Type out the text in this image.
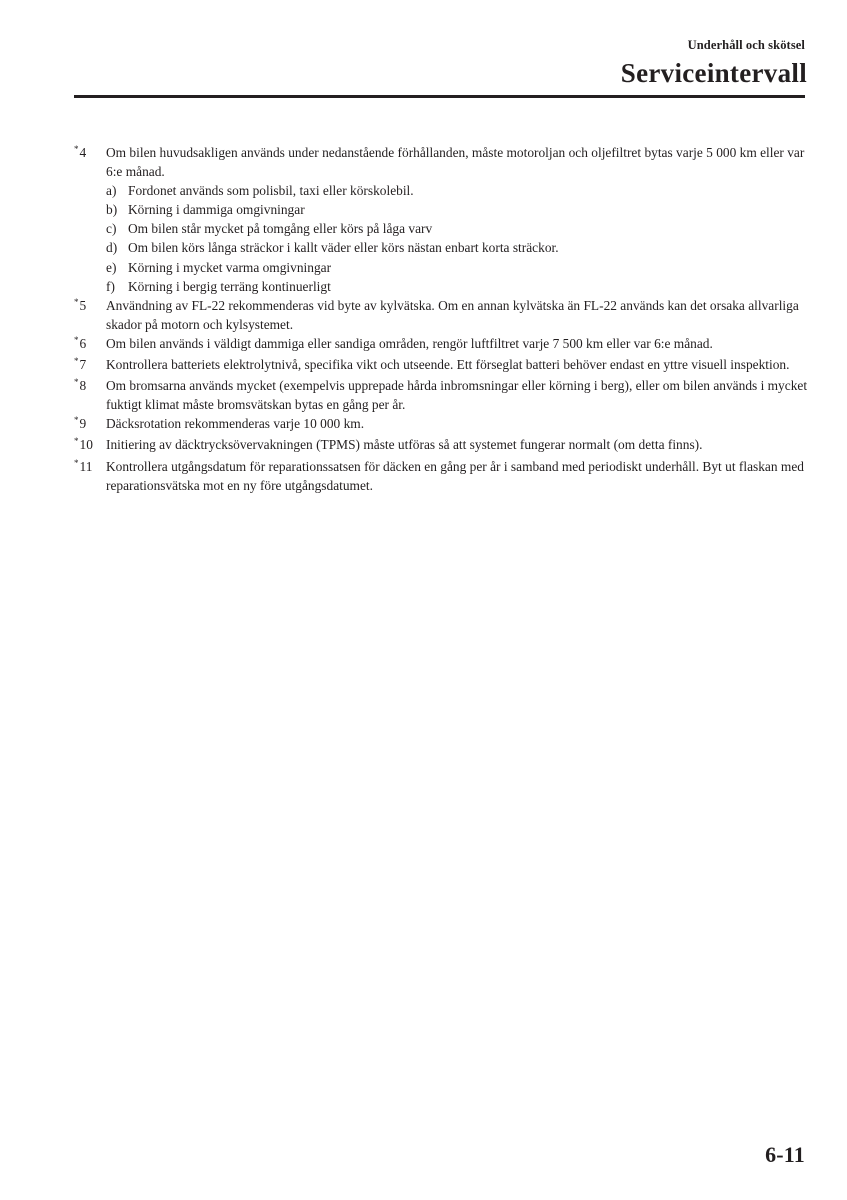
Underhåll och skötsel
Serviceintervall
*4	Om bilen huvudsakligen används under nedanstående förhållanden, måste motoroljan och oljefiltret bytas varje 5 000 km eller var 6:e månad.
a) Fordonet används som polisbil, taxi eller körskolebil.
b) Körning i dammiga omgivningar
c) Om bilen står mycket på tomgång eller körs på låga varv
d) Om bilen körs långa sträckor i kallt väder eller körs nästan enbart korta sträckor.
e) Körning i mycket varma omgivningar
f) Körning i bergig terräng kontinuerligt
*5	Användning av FL-22 rekommenderas vid byte av kylvätska. Om en annan kylvätska än FL-22 används kan det orsaka allvarliga skador på motorn och kylsystemet.
*6	Om bilen används i väldigt dammiga eller sandiga områden, rengör luftfiltret varje 7 500 km eller var 6:e månad.
*7	Kontrollera batteriets elektrolytnivå, specifika vikt och utseende. Ett förseglat batteri behöver endast en yttre visuell inspektion.
*8	Om bromsarna används mycket (exempelvis upprepade hårda inbromsningar eller körning i berg), eller om bilen används i mycket fuktigt klimat måste bromsvätskan bytas en gång per år.
*9	Däcksrotation rekommenderas varje 10 000 km.
*10 Initiering av däcktrycksövervakningen (TPMS) måste utföras så att systemet fungerar normalt (om detta finns).
*11	Kontrollera utgångsdatum för reparationssatsen för däcken en gång per år i samband med periodiskt underhåll. Byt ut flaskan med reparationsvätska mot en ny före utgångsdatumet.
6-11
